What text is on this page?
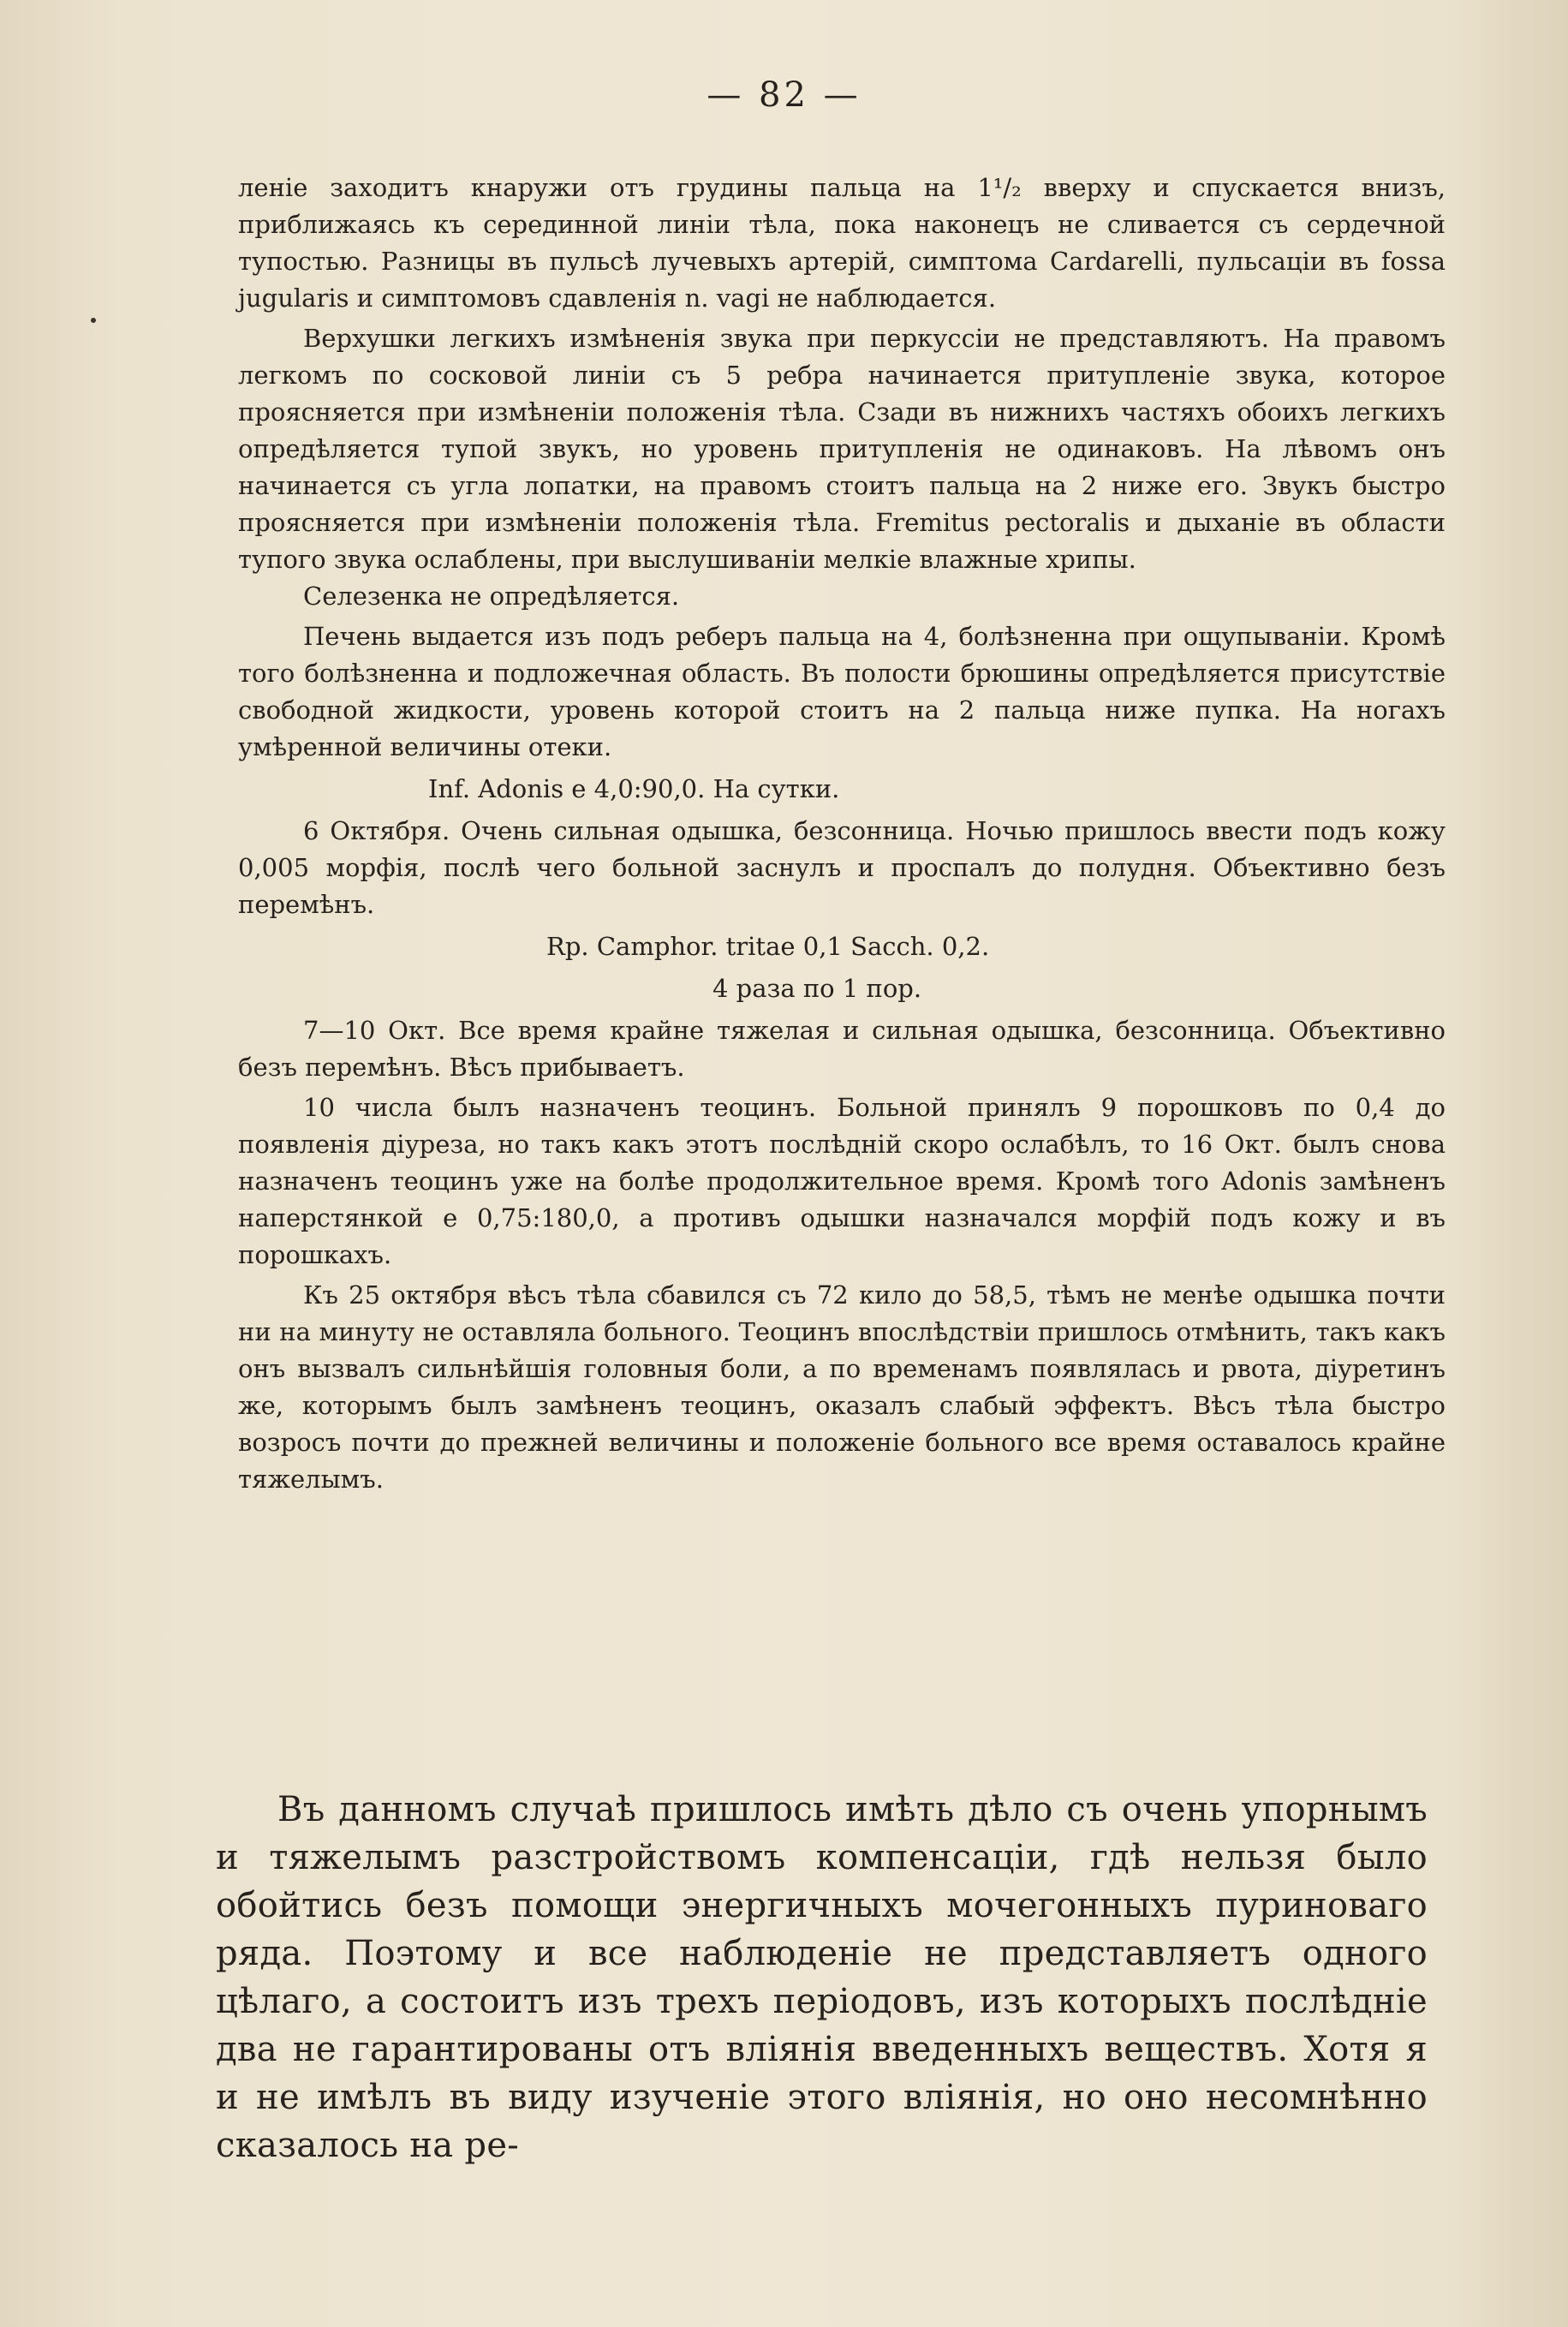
— 82 —

леніе заходитъ кнаружи отъ грудины пальца на 1¹/₂ вверху и спускается внизъ, приближаясь къ серединной линіи тѣла, пока наконецъ не сливается съ сердечной тупостью. Разницы въ пульсѣ лучевыхъ артерій, симптома Cardarelli, пульсаціи въ fossa jugularis и симптомовъ сдавленія n. vagi не наблюдается.

Верхушки легкихъ измѣненія звука при перкуссіи не представляютъ. На правомъ легкомъ по сосковой линіи съ 5 ребра начинается притупленіе звука, которое проясняется при измѣненіи положенія тѣла. Сзади въ нижнихъ частяхъ обоихъ легкихъ опредѣляется тупой звукъ, но уровень притупленія не одинаковъ. На лѣвомъ онъ начинается съ угла лопатки, на правомъ стоитъ пальца на 2 ниже его. Звукъ быстро проясняется при измѣненіи положенія тѣла. Fremitus pectoralis и дыханіе въ области тупого звука ослаблены, при выслушиваніи мелкіе влажные хрипы.

Селезенка не опредѣляется.

Печень выдается изъ подъ реберъ пальца на 4, болѣзненна при ощупываніи. Кромѣ того болѣзненна и подложечная область. Въ полости брюшины опредѣляется присутствіе свободной жидкости, уровень которой стоитъ на 2 пальца ниже пупка. На ногахъ умѣренной величины отеки.

Inf. Adonis e 4,0:90,0. На сутки.

6 Октября. Очень сильная одышка, безсонница. Ночью пришлось ввести подъ кожу 0,005 морфія, послѣ чего больной заснулъ и проспалъ до полудня. Объективно безъ перемѣнъ.

Rp. Camphor. tritae 0,1 Sacch. 0,2.

4 раза по 1 пор.

7—10 Окт. Все время крайне тяжелая и сильная одышка, безсонница. Объективно безъ перемѣнъ. Вѣсъ прибываетъ.

10 числа былъ назначенъ теоцинъ. Больной принялъ 9 порошковъ по 0,4 до появленія діуреза, но такъ какъ этотъ послѣдній скоро ослабѣлъ, то 16 Окт. былъ снова назначенъ теоцинъ уже на болѣе продолжительное время. Кромѣ того Adonis замѣненъ наперстянкой e 0,75:180,0, а противъ одышки назначался морфій подъ кожу и въ порошкахъ.

Къ 25 октября вѣсъ тѣла сбавился съ 72 кило до 58,5, тѣмъ не менѣе одышка почти ни на минуту не оставляла больного. Теоцинъ впослѣдствіи пришлось отмѣнить, такъ какъ онъ вызвалъ сильнѣйшія головныя боли, а по временамъ появлялась и рвота, діуретинъ же, которымъ былъ замѣненъ теоцинъ, оказалъ слабый эффектъ. Вѣсъ тѣла быстро возросъ почти до прежней величины и положеніе больного все время оставалось крайне тяжелымъ.

Въ данномъ случаѣ пришлось имѣть дѣло съ очень упорнымъ и тяжелымъ разстройствомъ компенсаціи, гдѣ нельзя было обойтись безъ помощи энергичныхъ мочегонныхъ пуриноваго ряда. Поэтому и все наблюденіе не представляетъ одного цѣлаго, а состоитъ изъ трехъ періодовъ, изъ которыхъ послѣдніе два не гарантированы отъ вліянія введенныхъ веществъ. Хотя я и не имѣлъ въ виду изученіе этого вліянія, но оно несомнѣнно сказалось на ре-
